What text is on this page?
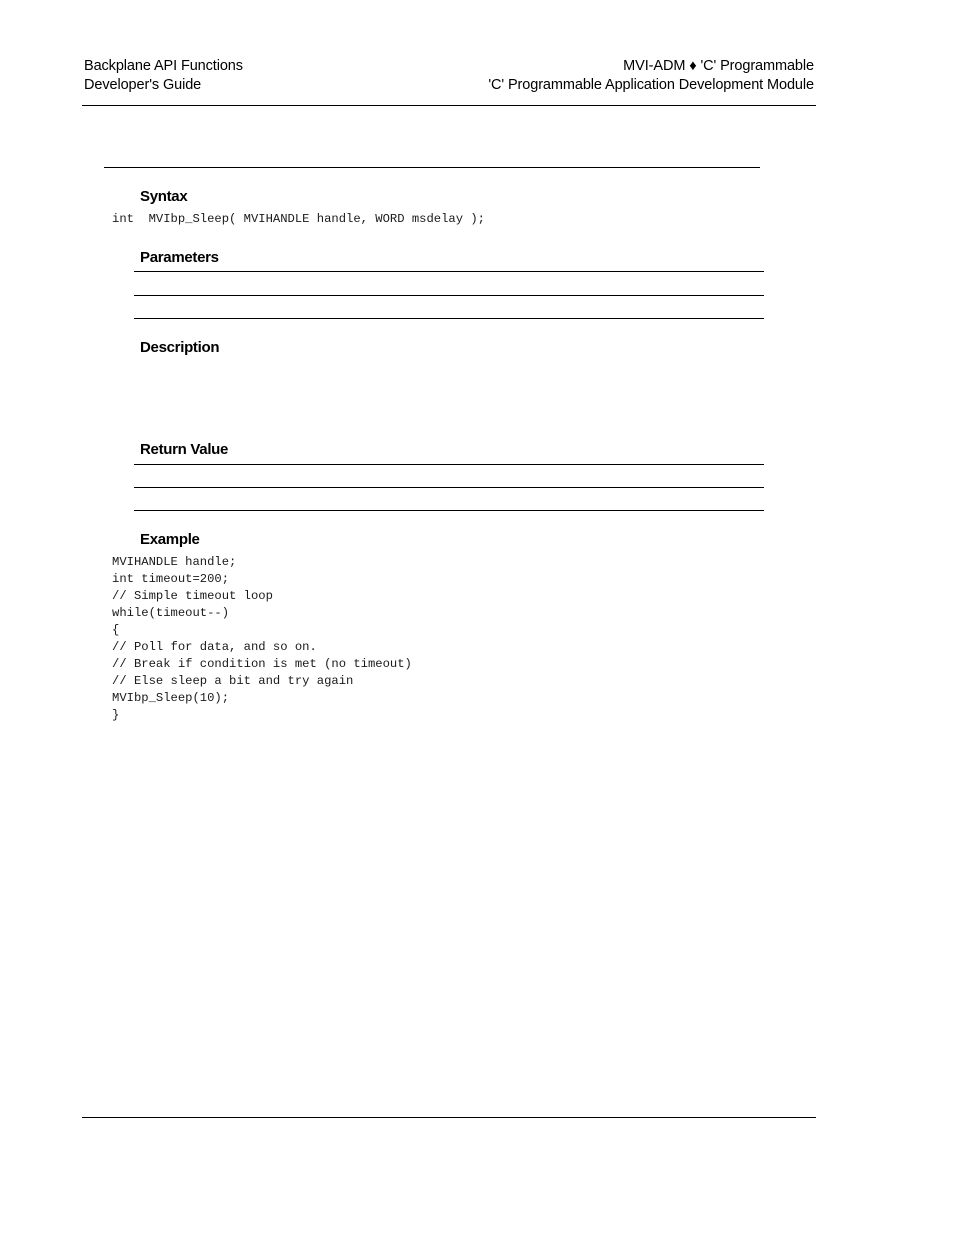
Backplane API Functions
Developer's Guide
MVI-ADM ♦ 'C' Programmable
'C' Programmable Application Development Module
Syntax
int  MVIbp_Sleep( MVIHANDLE handle, WORD msdelay );
Parameters
Description
Return Value
Example
MVIHANDLE handle;
int timeout=200;
// Simple timeout loop
while(timeout--)
{
// Poll for data, and so on.
// Break if condition is met (no timeout)
// Else sleep a bit and try again
MVIbp_Sleep(10);
}
